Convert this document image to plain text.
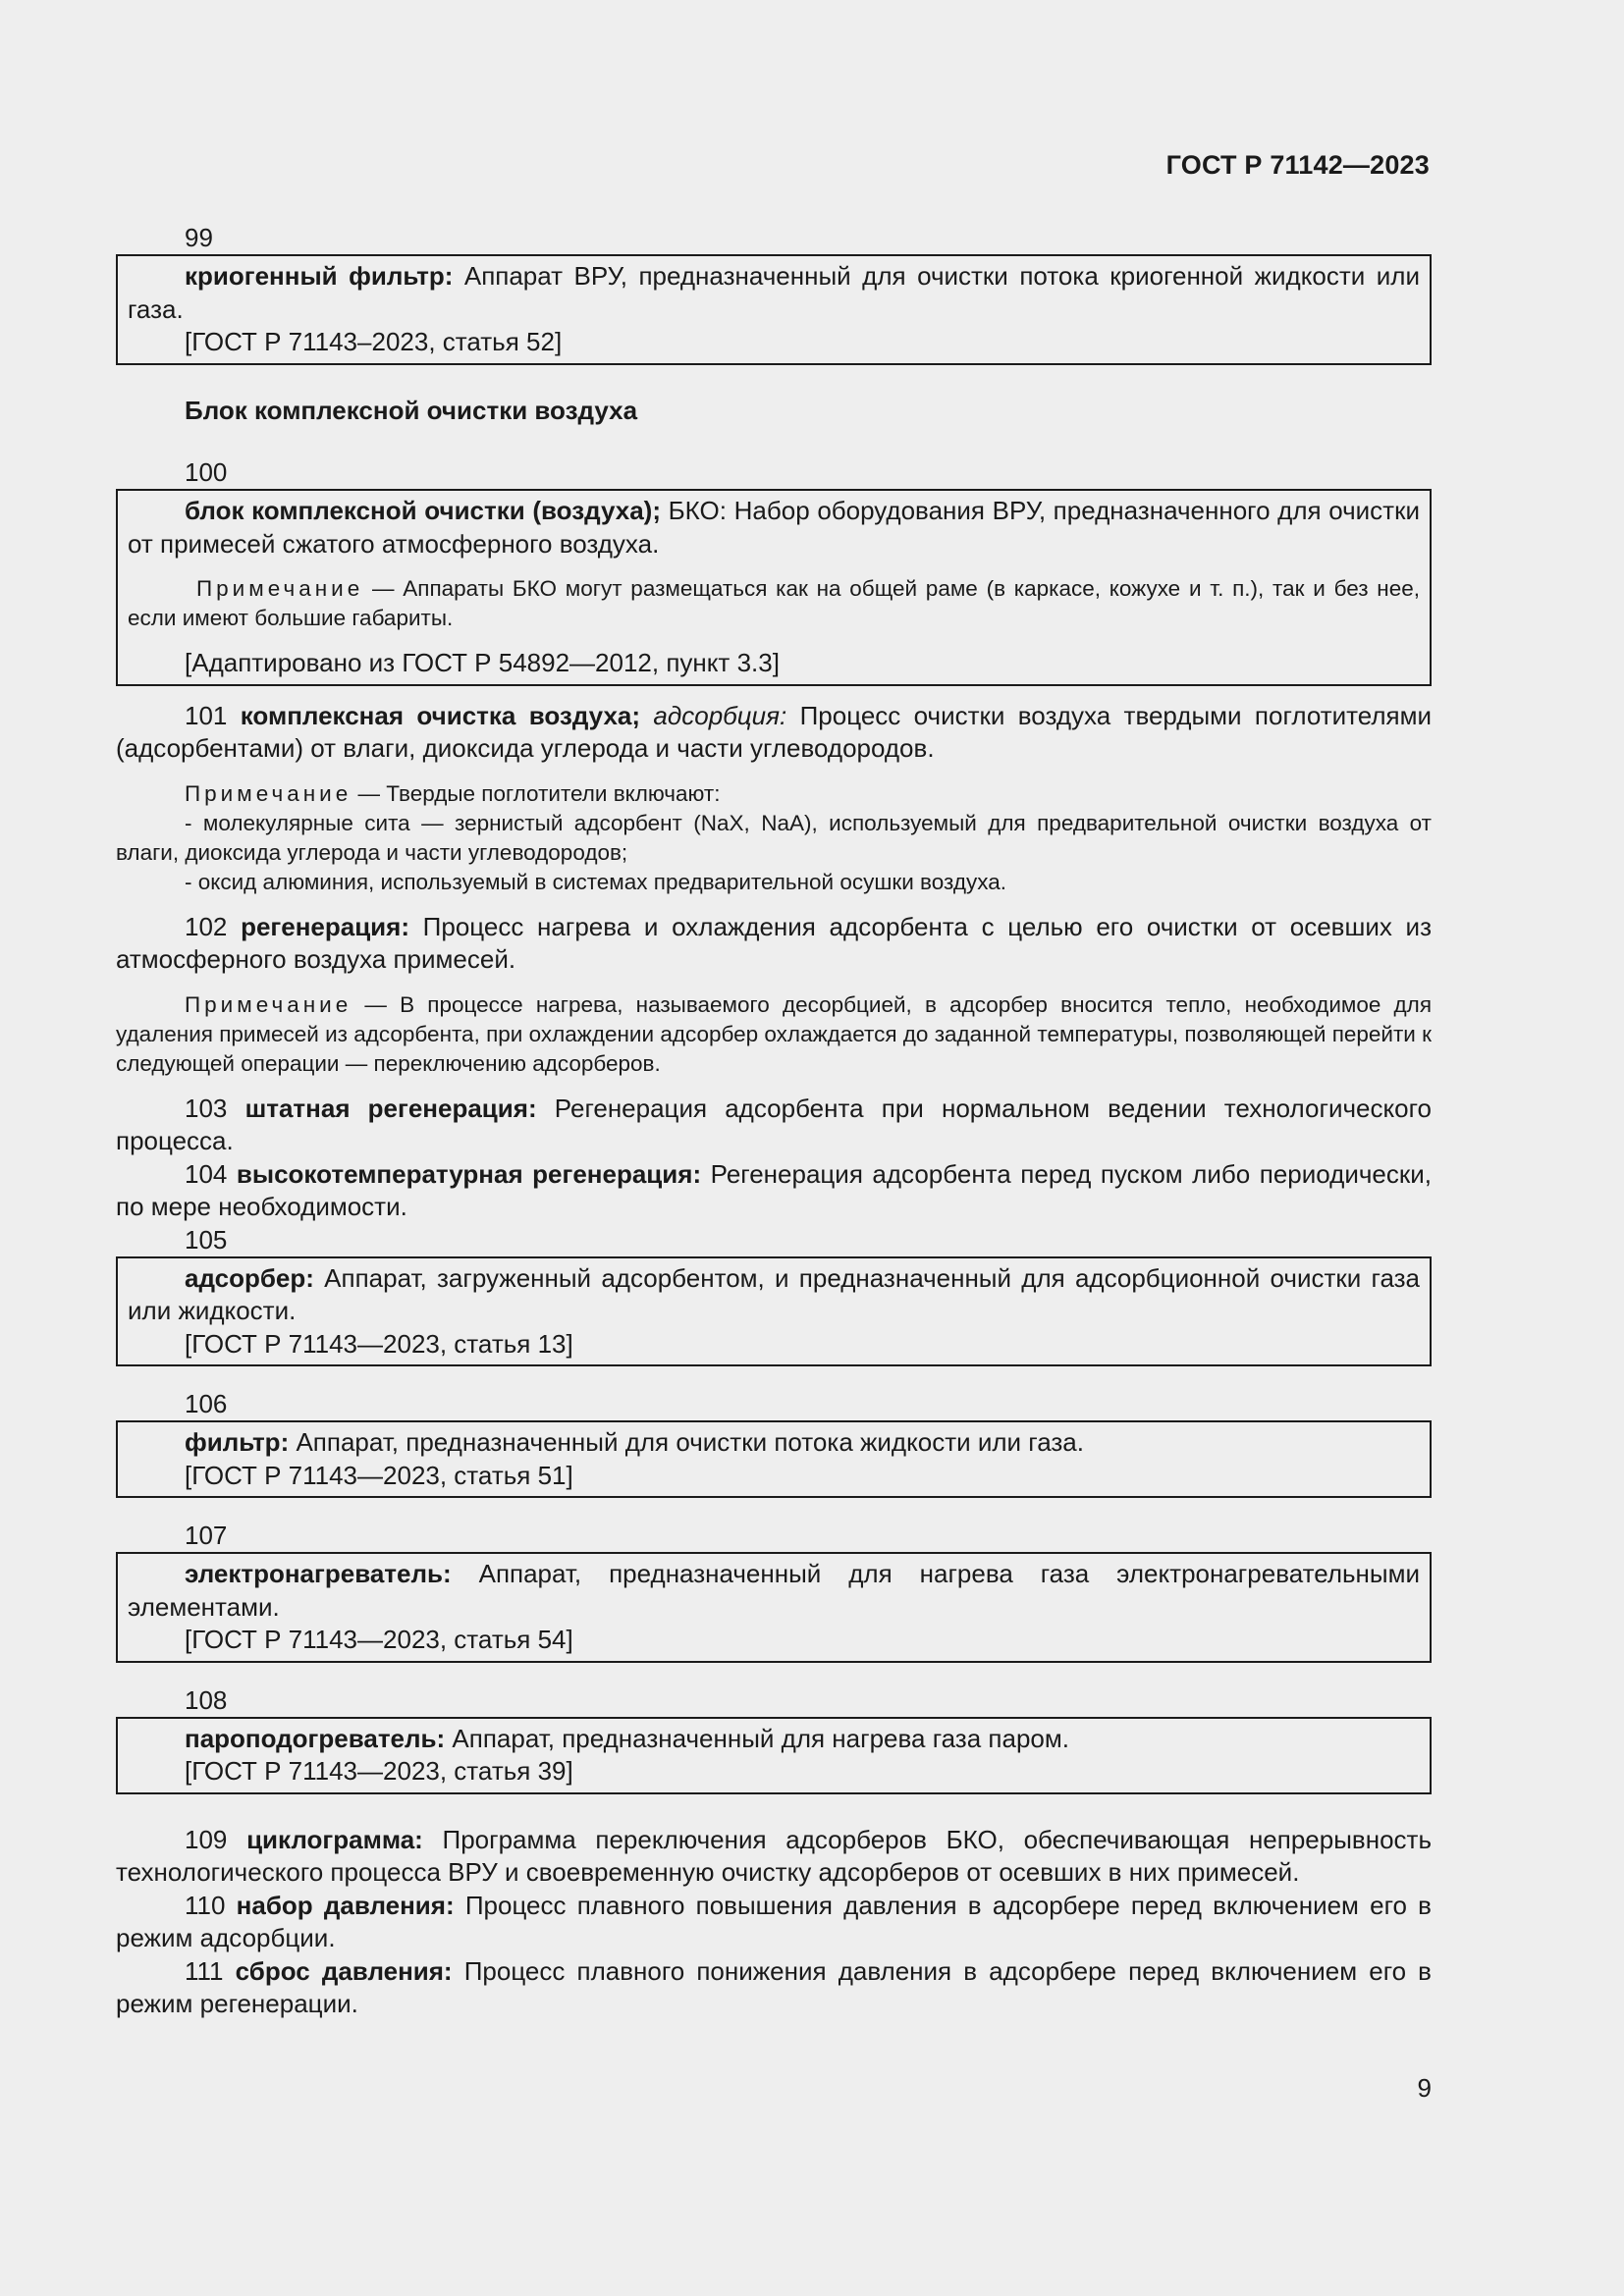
ГОСТ Р 71142—2023
99

криогенный фильтр: Аппарат ВРУ, предназначенный для очистки потока криогенной жидкости или газа.

[ГОСТ Р 71143–2023, статья 52]

Блок комплексной очистки воздуха
100

блок комплексной очистки (воздуха); БКО: Набор оборудования ВРУ, предназначенного для очистки от примесей сжатого атмосферного воздуха.

Примечание — Аппараты БКО могут размещаться как на общей раме (в каркасе, кожухе и т. п.), так и без нее, если имеют большие габариты.

[Адаптировано из ГОСТ Р 54892—2012, пункт 3.3]

101 комплексная очистка воздуха; адсорбция: Процесс очистки воздуха твердыми поглотителями (адсорбентами) от влаги, диоксида углерода и части углеводородов.

Примечание — Твердые поглотители включают:

- молекулярные сита — зернистый адсорбент (NaX, NaA), используемый для предварительной очистки воздуха от влаги, диоксида углерода и части углеводородов;

- оксид алюминия, используемый в системах предварительной осушки воздуха.

102 регенерация: Процесс нагрева и охлаждения адсорбента с целью его очистки от осевших из атмосферного воздуха примесей.

Примечание — В процессе нагрева, называемого десорбцией, в адсорбер вносится тепло, необходимое для удаления примесей из адсорбента, при охлаждении адсорбер охлаждается до заданной температуры, позволяющей перейти к следующей операции — переключению адсорберов.

103 штатная регенерация: Регенерация адсорбента при нормальном ведении технологического процесса.

104 высокотемпературная регенерация: Регенерация адсорбента перед пуском либо периодически, по мере необходимости.

105

адсорбер: Аппарат, загруженный адсорбентом, и предназначенный для адсорбционной очистки газа или жидкости.

[ГОСТ Р 71143—2023, статья 13]

106

фильтр: Аппарат, предназначенный для очистки потока жидкости или газа.

[ГОСТ Р 71143—2023, статья 51]

107

электронагреватель: Аппарат, предназначенный для нагрева газа электронагревательными элементами.

[ГОСТ Р 71143—2023, статья 54]

108

пароподогреватель: Аппарат, предназначенный для нагрева газа паром.

[ГОСТ Р 71143—2023, статья 39]

109 циклограмма: Программа переключения адсорберов БКО, обеспечивающая непрерывность технологического процесса ВРУ и своевременную очистку адсорберов от осевших в них примесей.

110 набор давления: Процесс плавного повышения давления в адсорбере перед включением его в режим адсорбции.

111 сброс давления: Процесс плавного понижения давления в адсорбере перед включением его в режим регенерации.

9
